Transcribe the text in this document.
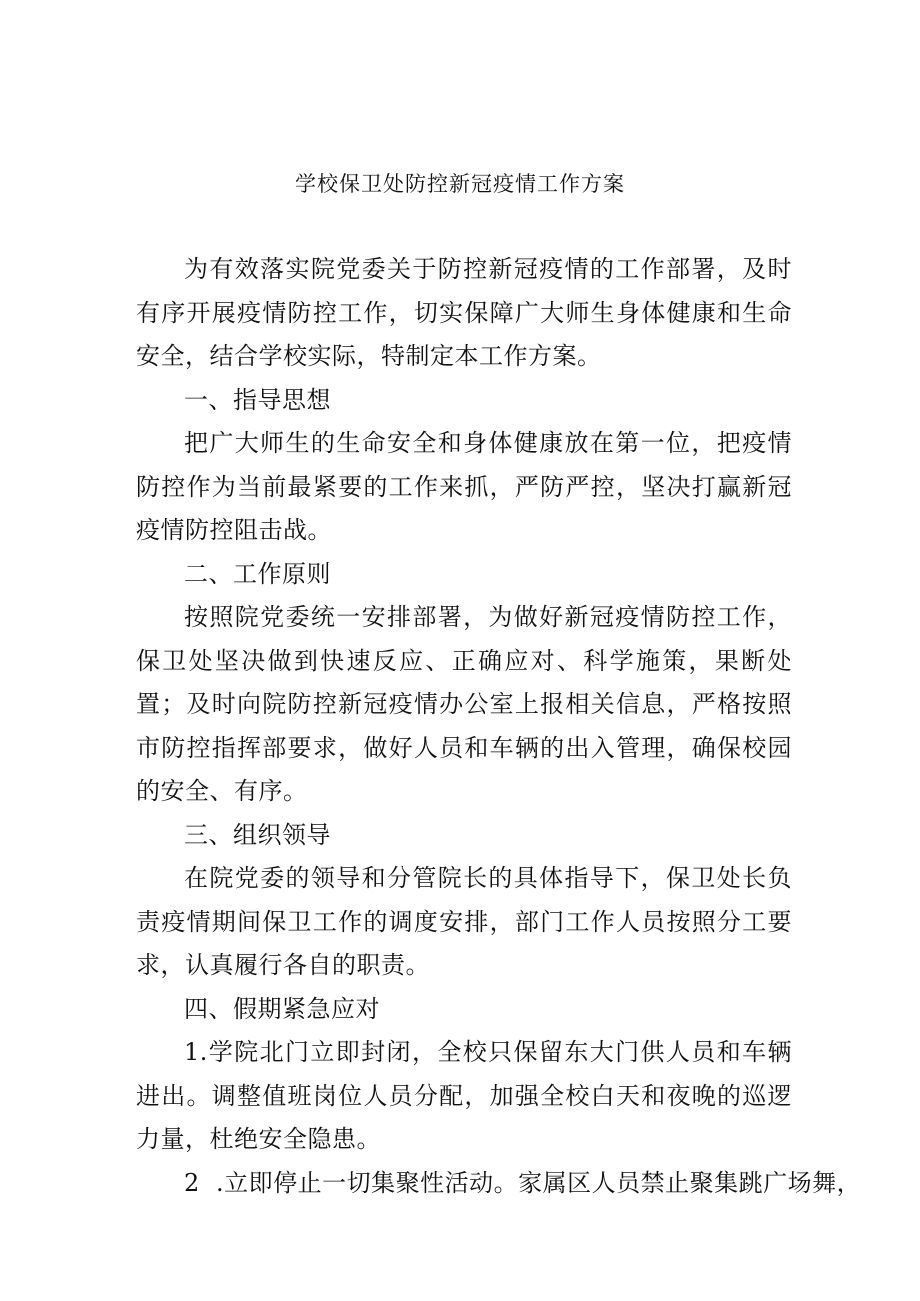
学校保卫处防控新冠疫情工作方案

为有效落实院党委关于防控新冠疫情的工作部署，及时有序开展疫情防控工作，切实保障广大师生身体健康和生命安全，结合学校实际，特制定本工作方案。

一、指导思想

把广大师生的生命安全和身体健康放在第一位，把疫情防控作为当前最紧要的工作来抓，严防严控，坚决打赢新冠疫情防控阻击战。

二、工作原则

按照院党委统一安排部署，为做好新冠疫情防控工作，保卫处坚决做到快速反应、正确应对、科学施策，果断处置；及时向院防控新冠疫情办公室上报相关信息，严格按照市防控指挥部要求，做好人员和车辆的出入管理，确保校园的安全、有序。

三、组织领导

在院党委的领导和分管院长的具体指导下，保卫处长负责疫情期间保卫工作的调度安排，部门工作人员按照分工要求，认真履行各自的职责。

四、假期紧急应对

1.学院北门立即封闭，全校只保留东大门供人员和车辆进出。调整值班岗位人员分配，加强全校白天和夜晚的巡逻力量，杜绝安全隐患。

2  .立即停止一切集聚性活动。家属区人员禁止聚集跳广场舞，
